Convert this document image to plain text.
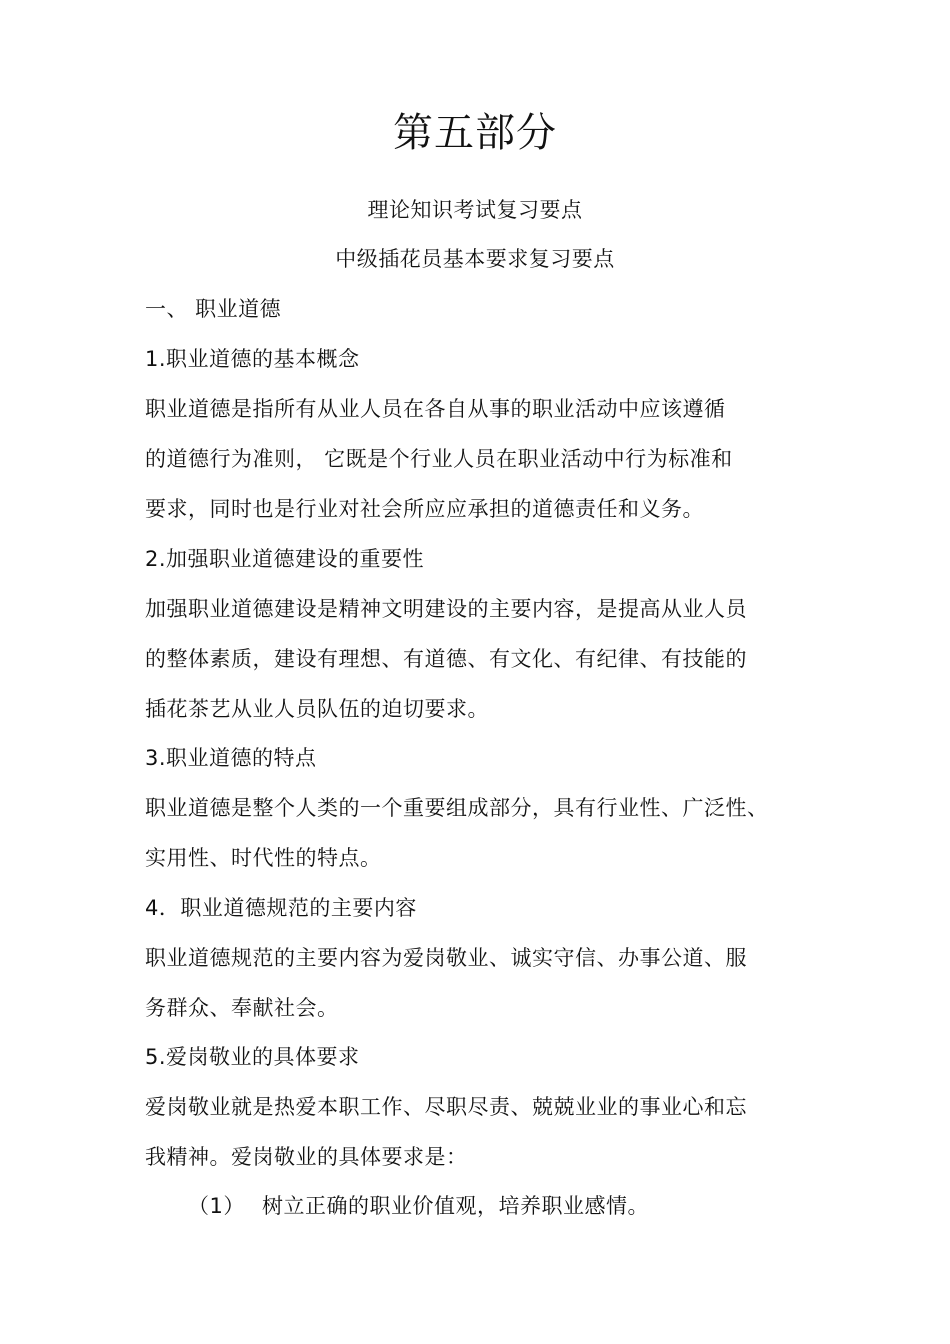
第五部分
理论知识考试复习要点
中级插花员基本要求复习要点
一、 职业道德
1.职业道德的基本概念
职业道德是指所有从业人员在各自从事的职业活动中应该遵循
的道德行为准则， 它既是个行业人员在职业活动中行为标准和
要求，同时也是行业对社会所应应承担的道德责任和义务。
2.加强职业道德建设的重要性
加强职业道德建设是精神文明建设的主要内容，是提高从业人员
的整体素质，建设有理想、有道德、有文化、有纪律、有技能的
插花茶艺从业人员队伍的迫切要求。
3.职业道德的特点
职业道德是整个人类的一个重要组成部分，具有行业性、广泛性、
实用性、时代性的特点。
4．职业道德规范的主要内容
职业道德规范的主要内容为爱岗敬业、诚实守信、办事公道、服
务群众、奉献社会。
5.爱岗敬业的具体要求
爱岗敬业就是热爱本职工作、尽职尽责、兢兢业业的事业心和忘
我精神。爱岗敬业的具体要求是：
（1） 树立正确的职业价值观，培养职业感情。
